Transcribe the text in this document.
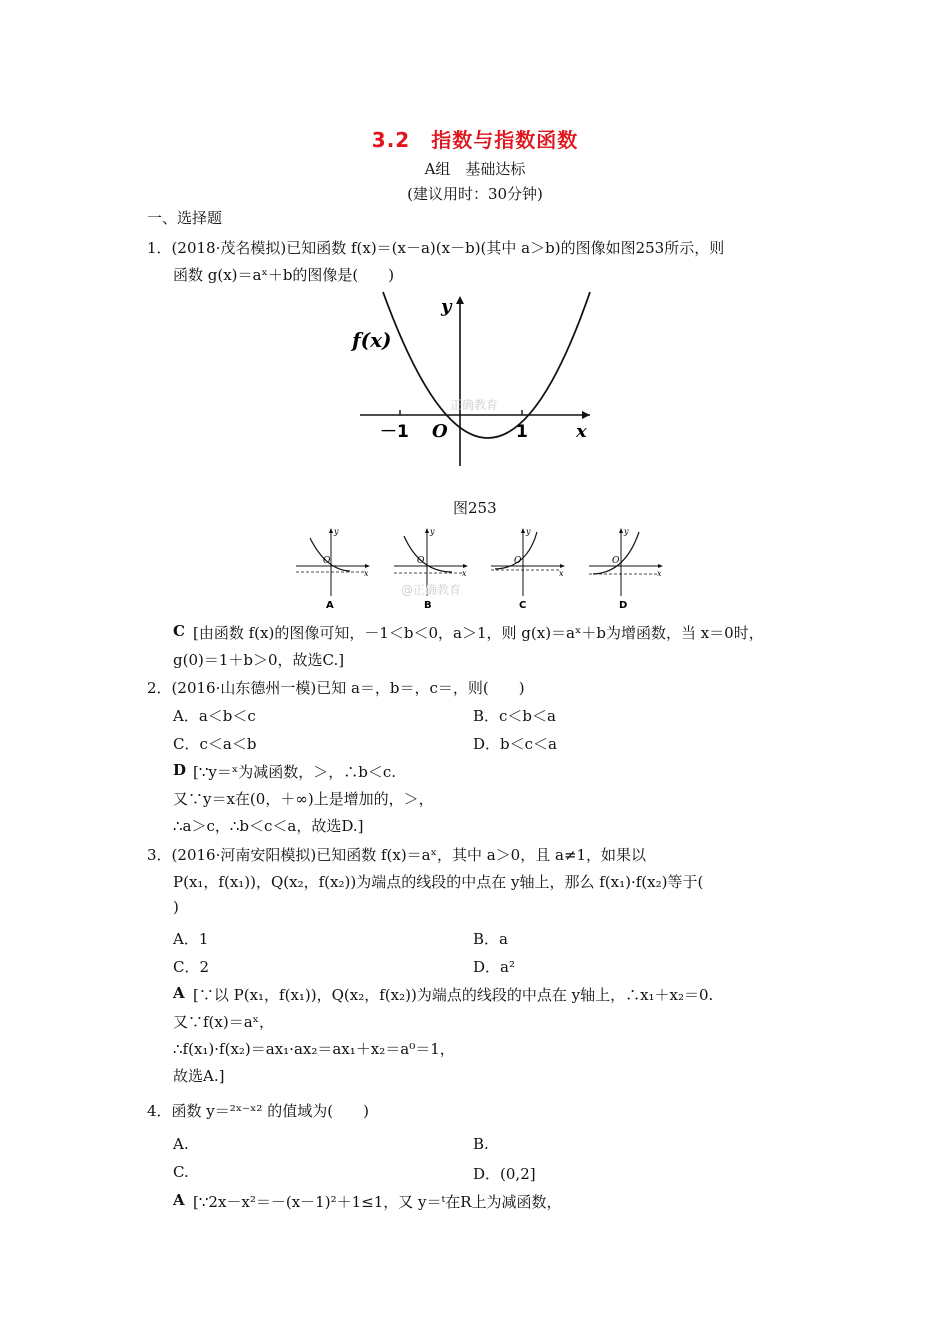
3.2　指数与指数函数
A组　基础达标
(建议用时：30分钟)
一、选择题
1．(2018·茂名模拟)已知函数 f(x)＝(x－a)(x－b)(其中 a＞b)的图像如图253所示，则
函数 g(x)＝aˣ＋b的图像是(　　)
f(x)
y
x
O
－1	1
正确教育
图253
O
y
x
A
O
y
x
B
O
y
x
C
O
y
x
D
@正确教育
C [由函数 f(x)的图像可知，－1＜b＜0，a＞1，则 g(x)＝aˣ＋b为增函数，当 x＝0时，
g(0)＝1＋b＞0，故选C.]
2．(2016·山东德州一模)已知 a＝，b＝，c＝，则(　　)
A．a＜b＜c	B．c＜b＜a
C．c＜a＜b	D．b＜c＜a
D [∵y＝ˣ为减函数，＞，∴b＜c.
又∵y＝x在(0，＋∞)上是增加的，＞，
∴a＞c，∴b＜c＜a，故选D.]
3．(2016·河南安阳模拟)已知函数 f(x)＝aˣ，其中 a＞0，且 a≠1，如果以
P(x₁，f(x₁))，Q(x₂，f(x₂))为端点的线段的中点在 y轴上，那么 f(x₁)·f(x₂)等于(
)
A．1	B．a
C．2	D．a²
A [∵以 P(x₁，f(x₁))，Q(x₂，f(x₂))为端点的线段的中点在 y轴上，∴x₁＋x₂＝0.
又∵f(x)＝aˣ，
∴f(x₁)·f(x₂)＝ax₁·ax₂＝ax₁＋x₂＝a⁰＝1，
故选A.]
4．函数 y＝²ˣ⁻ˣ² 的值域为(　　)
A.	B.
C.	D．(0,2]
A [∵2x－x²＝－(x－1)²＋1≤1，又 y＝ᵗ在R上为减函数，
